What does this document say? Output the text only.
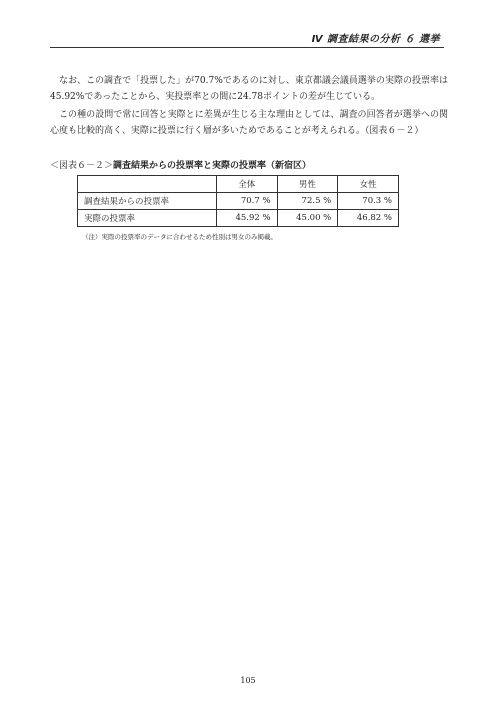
Ⅳ 調査結果の分析 ６ 選挙

なお、この調査で「投票した」が70.7%であるのに対し、東京都議会議員選挙の実際の投票率は45.92%であったことから、実投票率との間に24.78ポイントの差が生じている。

この種の設問で常に回答と実際とに差異が生じる主な理由としては、調査の回答者が選挙への関心度も比較的高く、実際に投票に行く層が多いためであることが考えられる。（図表６－２）

＜図表６－２＞調査結果からの投票率と実際の投票率（新宿区）
	全体	男性	女性
調査結果からの投票率	70.7 %	72.5 %	70.3 %
実際の投票率	45.92 %	45.00 %	46.82 %
（注）実際の投票率のデータに合わせるため性別は男女のみ掲載。
105
